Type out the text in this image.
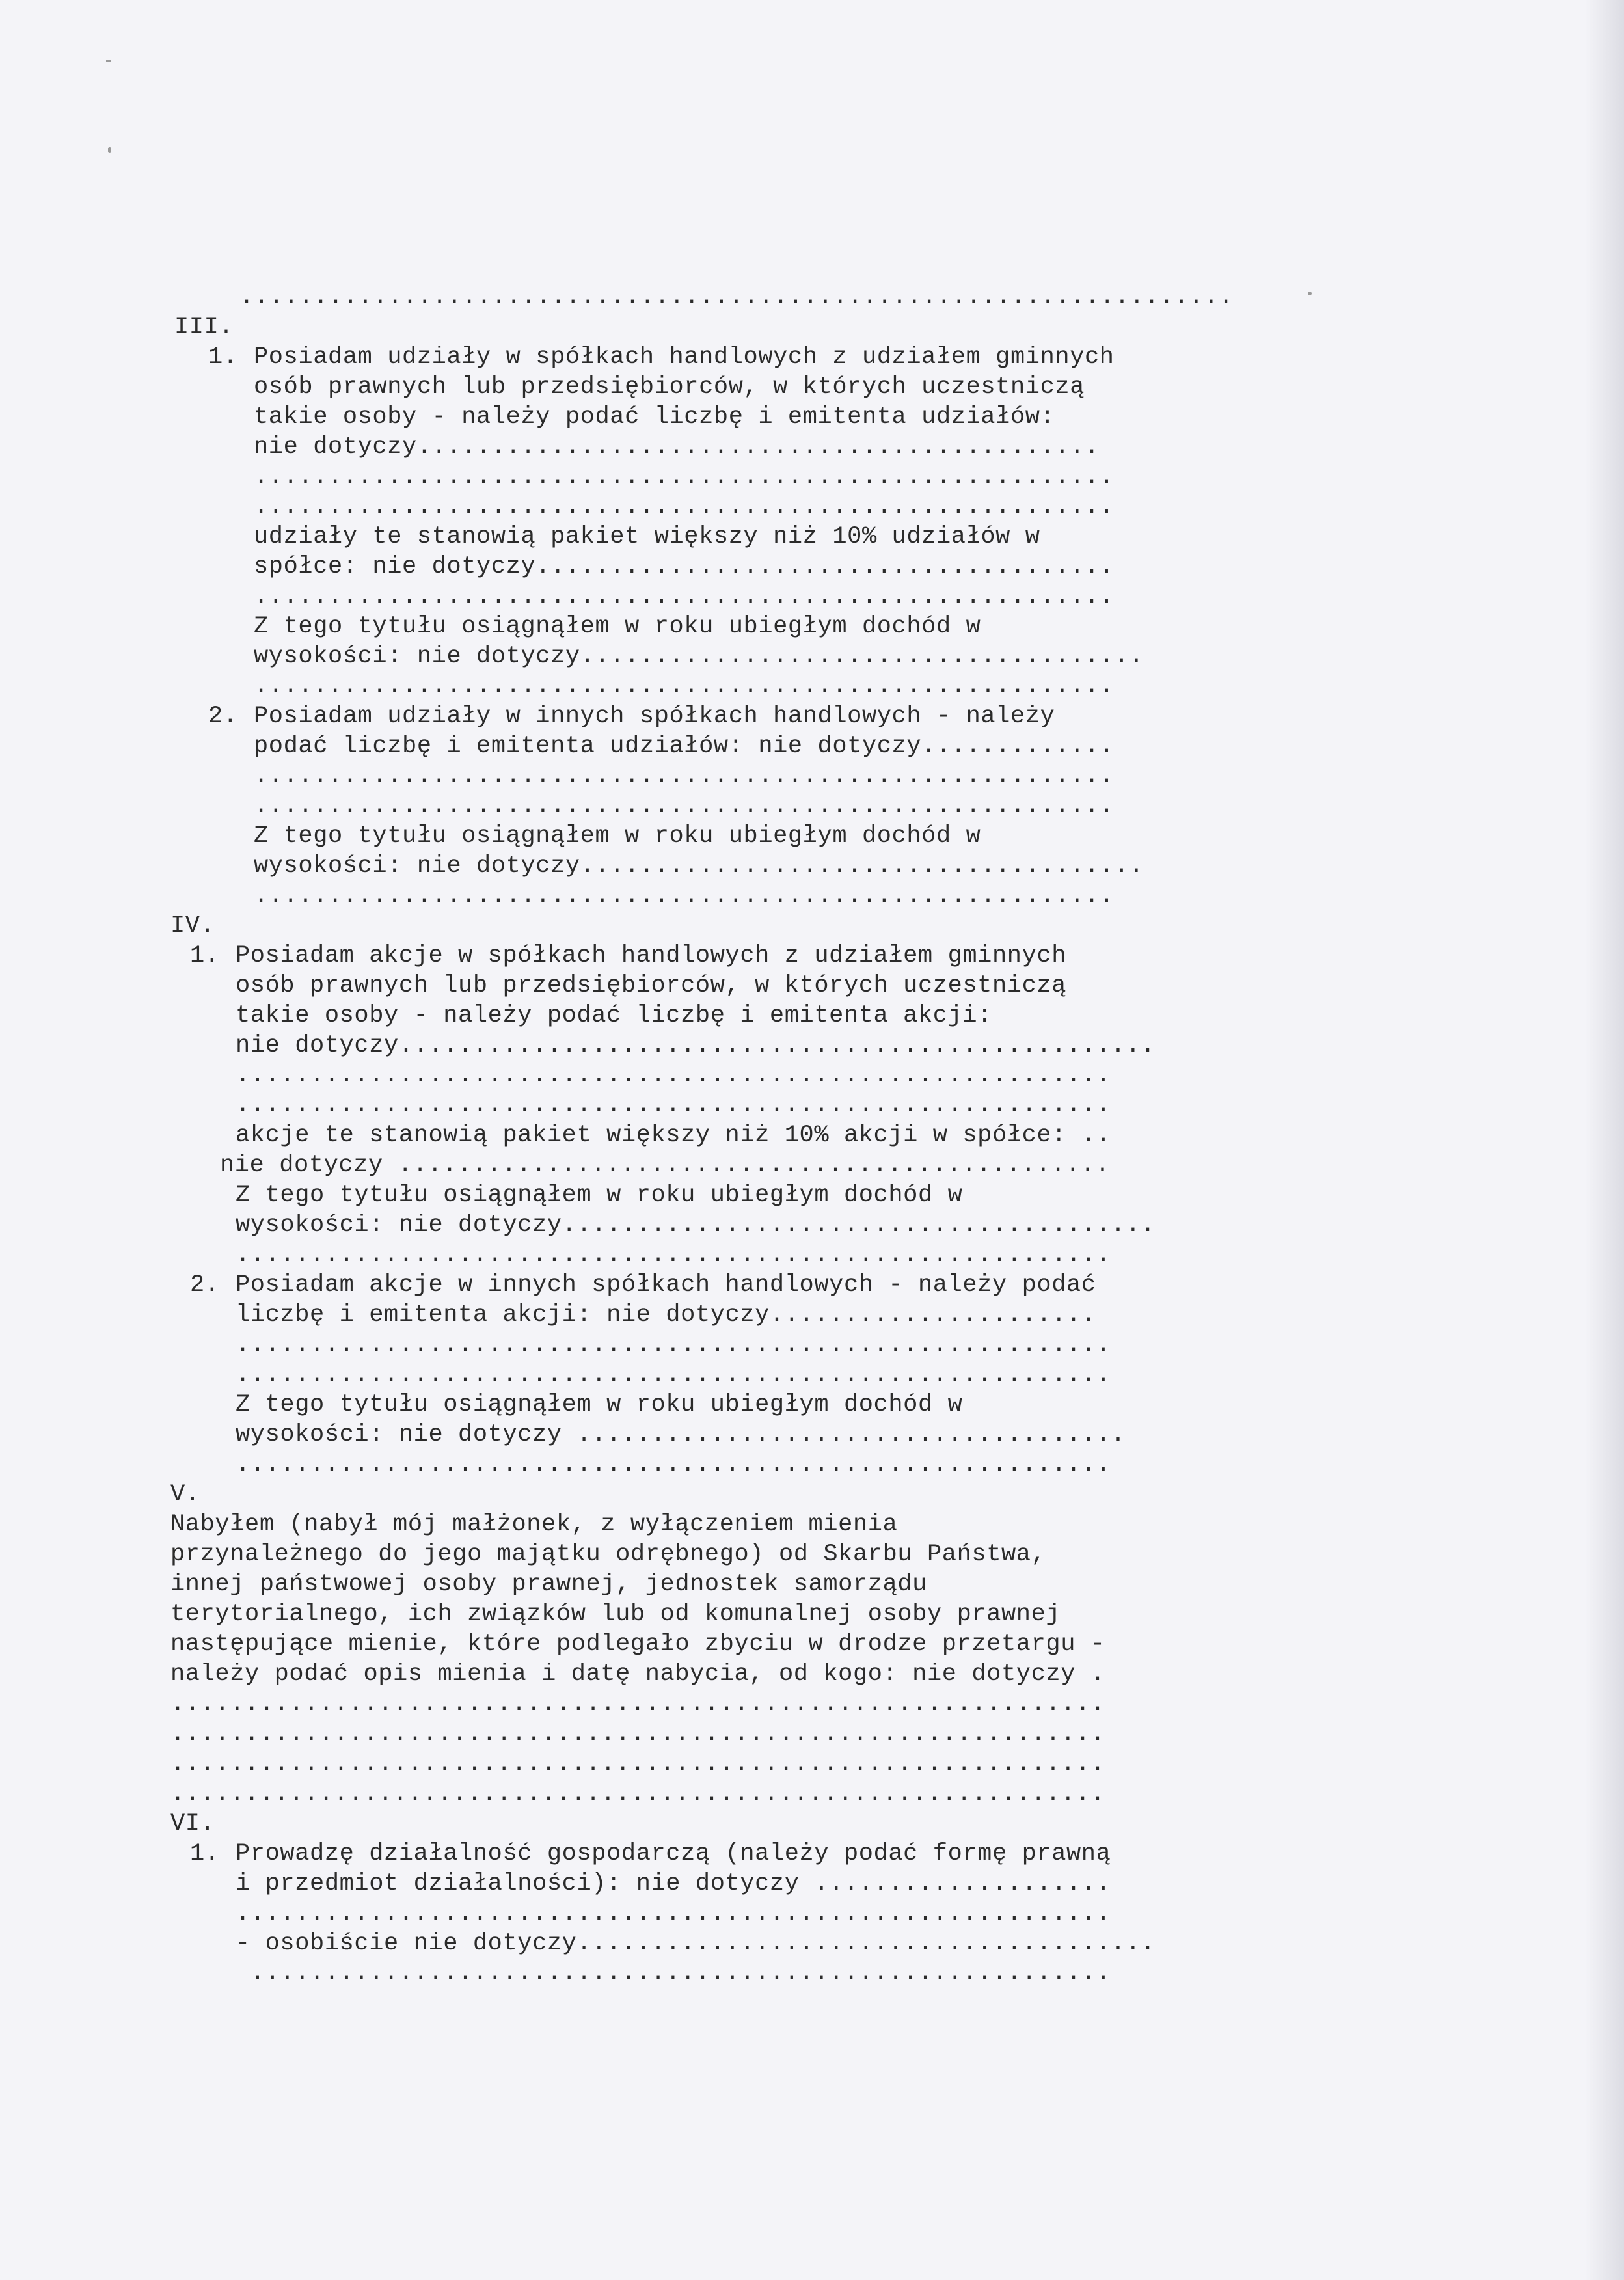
...................................................................

III.

1. Posiadam udziały w spółkach handlowych z udziałem gminnych

osób prawnych lub przedsiębiorców, w których uczestniczą

takie osoby - należy podać liczbę i emitenta udziałów:

nie dotyczy..............................................

..........................................................

..........................................................

udziały te stanowią pakiet większy niż 10% udziałów w

spółce: nie dotyczy.......................................

..........................................................

Z tego tytułu osiągnąłem w roku ubiegłym dochód w

wysokości: nie dotyczy......................................

..........................................................

2. Posiadam udziały w innych spółkach handlowych - należy

podać liczbę i emitenta udziałów: nie dotyczy.............

..........................................................

..........................................................

Z tego tytułu osiągnąłem w roku ubiegłym dochód w

wysokości: nie dotyczy......................................

..........................................................

IV.

1. Posiadam akcje w spółkach handlowych z udziałem gminnych

osób prawnych lub przedsiębiorców, w których uczestniczą

takie osoby - należy podać liczbę i emitenta akcji:

nie dotyczy...................................................

...........................................................

...........................................................

akcje te stanowią pakiet większy niż 10% akcji w spółce: ..

nie dotyczy ................................................

Z tego tytułu osiągnąłem w roku ubiegłym dochód w

wysokości: nie dotyczy........................................

...........................................................

2. Posiadam akcje w innych spółkach handlowych - należy podać

liczbę i emitenta akcji: nie dotyczy......................

...........................................................

...........................................................

Z tego tytułu osiągnąłem w roku ubiegłym dochód w

wysokości: nie dotyczy .....................................

...........................................................

V.

Nabyłem (nabył mój małżonek, z wyłączeniem mienia

przynależnego do jego majątku odrębnego) od Skarbu Państwa,

innej państwowej osoby prawnej, jednostek samorządu

terytorialnego, ich związków lub od komunalnej osoby prawnej

następujące mienie, które podlegało zbyciu w drodze przetargu -

należy podać opis mienia i datę nabycia, od kogo: nie dotyczy .

...............................................................

...............................................................

...............................................................

...............................................................

VI.

1. Prowadzę działalność gospodarczą (należy podać formę prawną

i przedmiot działalności): nie dotyczy ....................

...........................................................

- osobiście nie dotyczy.......................................

..........................................................
